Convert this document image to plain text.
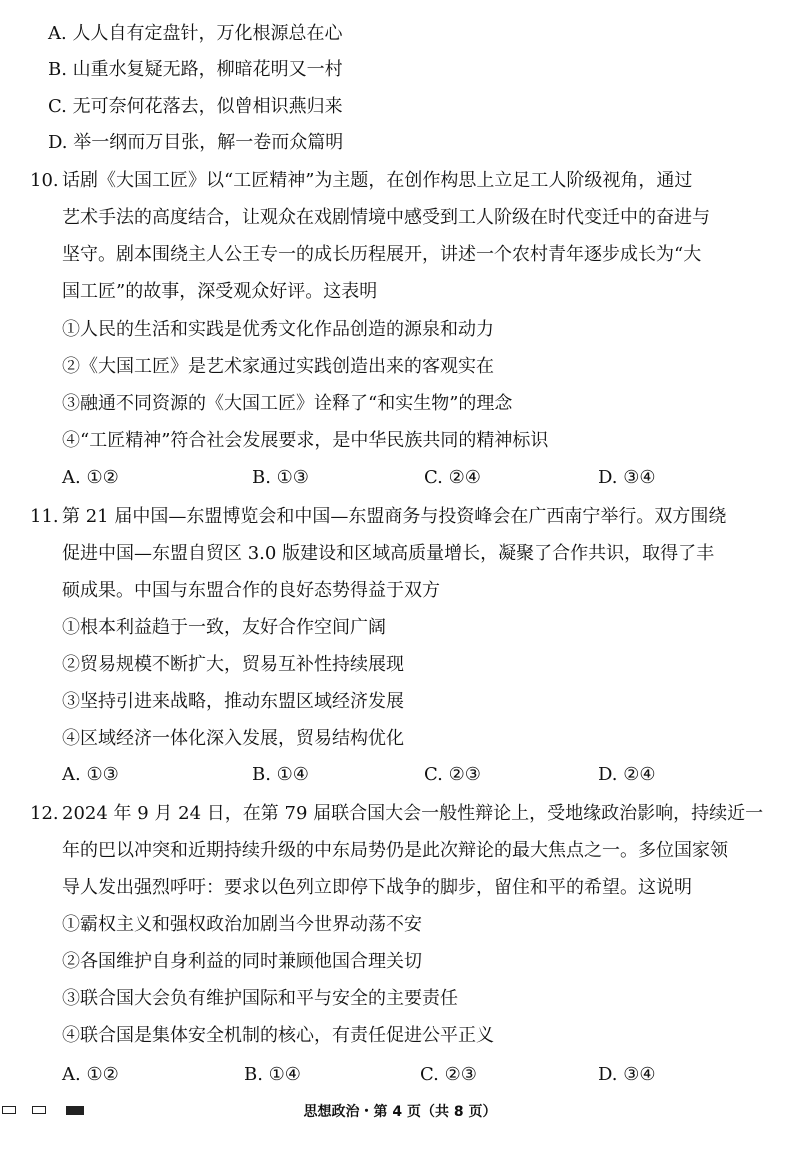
A. 人人自有定盘针，万化根源总在心
B. 山重水复疑无路，柳暗花明又一村
C. 无可奈何花落去，似曾相识燕归来
D. 举一纲而万目张，解一卷而众篇明
10. 话剧《大国工匠》以“工匠精神”为主题，在创作构思上立足工人阶级视角，通过
艺术手法的高度结合，让观众在戏剧情境中感受到工人阶级在时代变迁中的奋进与
坚守。剧本围绕主人公王专一的成长历程展开，讲述一个农村青年逐步成长为“大
国工匠”的故事，深受观众好评。这表明
①人民的生活和实践是优秀文化作品创造的源泉和动力
②《大国工匠》是艺术家通过实践创造出来的客观实在
③融通不同资源的《大国工匠》诠释了“和实生物”的理念
④“工匠精神”符合社会发展要求，是中华民族共同的精神标识
A. ①②	B. ①③	C. ②④	D. ③④
11. 第 21 届中国—东盟博览会和中国—东盟商务与投资峰会在广西南宁举行。双方围绕
促进中国—东盟自贸区 3.0 版建设和区域高质量增长，凝聚了合作共识，取得了丰
硕成果。中国与东盟合作的良好态势得益于双方
①根本利益趋于一致，友好合作空间广阔
②贸易规模不断扩大，贸易互补性持续展现
③坚持引进来战略，推动东盟区域经济发展
④区域经济一体化深入发展，贸易结构优化
A. ①③	B. ①④	C. ②③	D. ②④
12. 2024 年 9 月 24 日，在第 79 届联合国大会一般性辩论上，受地缘政治影响，持续近一
年的巴以冲突和近期持续升级的中东局势仍是此次辩论的最大焦点之一。多位国家领
导人发出强烈呼吁：要求以色列立即停下战争的脚步，留住和平的希望。这说明
①霸权主义和强权政治加剧当今世界动荡不安
②各国维护自身利益的同时兼顾他国合理关切
③联合国大会负有维护国际和平与安全的主要责任
④联合国是集体安全机制的核心，有责任促进公平正义
A. ①②	B. ①④	C. ②③	D. ③④
思想政治・第 4 页（共 8 页）
